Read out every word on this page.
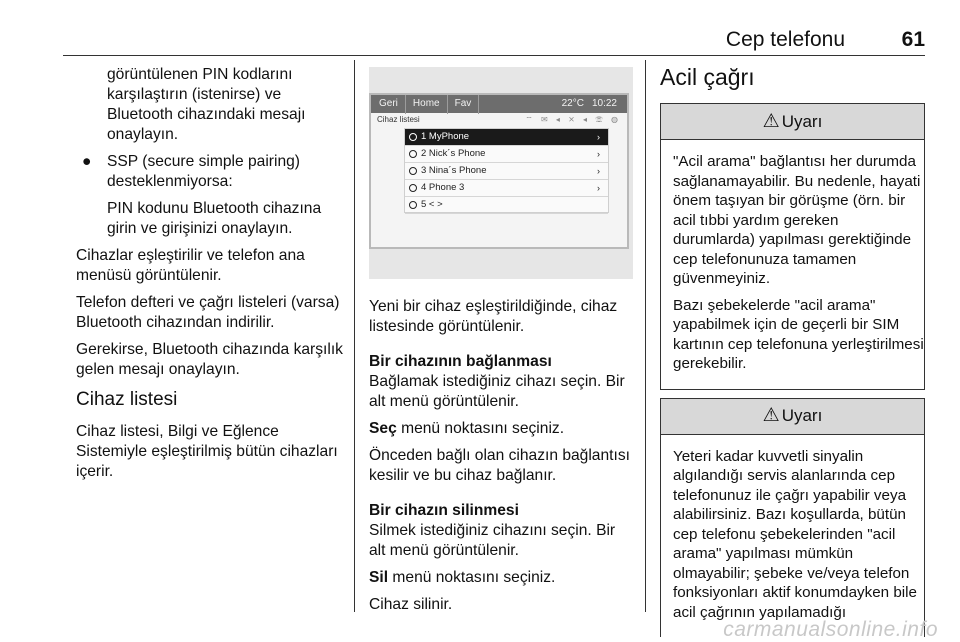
Cep telefonu	61
görüntülenen PIN kodlarını karşılaştırın (istenirse) ve Bluetooth cihazındaki mesajı onaylayın.
● SSP (secure simple pairing) desteklenmiyorsa:
PIN kodunu Bluetooth cihazına girin ve girişinizi onaylayın.
Cihazlar eşleştirilir ve telefon ana menüsü görüntülenir.
Telefon defteri ve çağrı listeleri (varsa) Bluetooth cihazından indirilir.
Gerekirse, Bluetooth cihazında karşılık gelen mesajı onaylayın.
Cihaz listesi
Cihaz listesi, Bilgi ve Eğlence Sistemiyle eşleştirilmiş bütün cihazları içerir.
Geri	Home	Fav	22°C 10:22
Cihaz listesi	⌔ ✉ ◂ ⨯ ◂ ☏ ◍
1 MyPhone	›
2 Nick´s Phone	›
3 Nina´s Phone	›
4 Phone 3	›
5 < >
Yeni bir cihaz eşleştirildiğinde, cihaz listesinde görüntülenir.
Bir cihazının bağlanması
Bağlamak istediğiniz cihazı seçin. Bir alt menü görüntülenir.
Seç menü noktasını seçiniz.
Önceden bağlı olan cihazın bağlantısı kesilir ve bu cihaz bağlanır.
Bir cihazın silinmesi
Silmek istediğiniz cihazını seçin. Bir alt menü görüntülenir.
Sil menü noktasını seçiniz.
Cihaz silinir.
Acil çağrı
⚠ Uyarı
"Acil arama" bağlantısı her durumda sağlanamayabilir. Bu nedenle, hayati önem taşıyan bir görüşme (örn. bir acil tıbbi yardım gereken durumlarda) yapılması gerektiğinde cep telefonunuza tamamen güvenmeyiniz.
Bazı şebekelerde "acil arama" yapabilmek için de geçerli bir SIM kartının cep telefonuna yerleştirilmesi gerekebilir.
⚠ Uyarı
Yeteri kadar kuvvetli sinyalin algılandığı servis alanlarında cep telefonunuz ile çağrı yapabilir veya alabilirsiniz. Bazı koşullarda, bütün cep telefonu şebekelerinden "acil arama" yapılması mümkün olmayabilir; şebeke ve/veya telefon fonksiyonları aktif konumdayken bile acil çağrının yapılamadığı
carmanualsonline.info
